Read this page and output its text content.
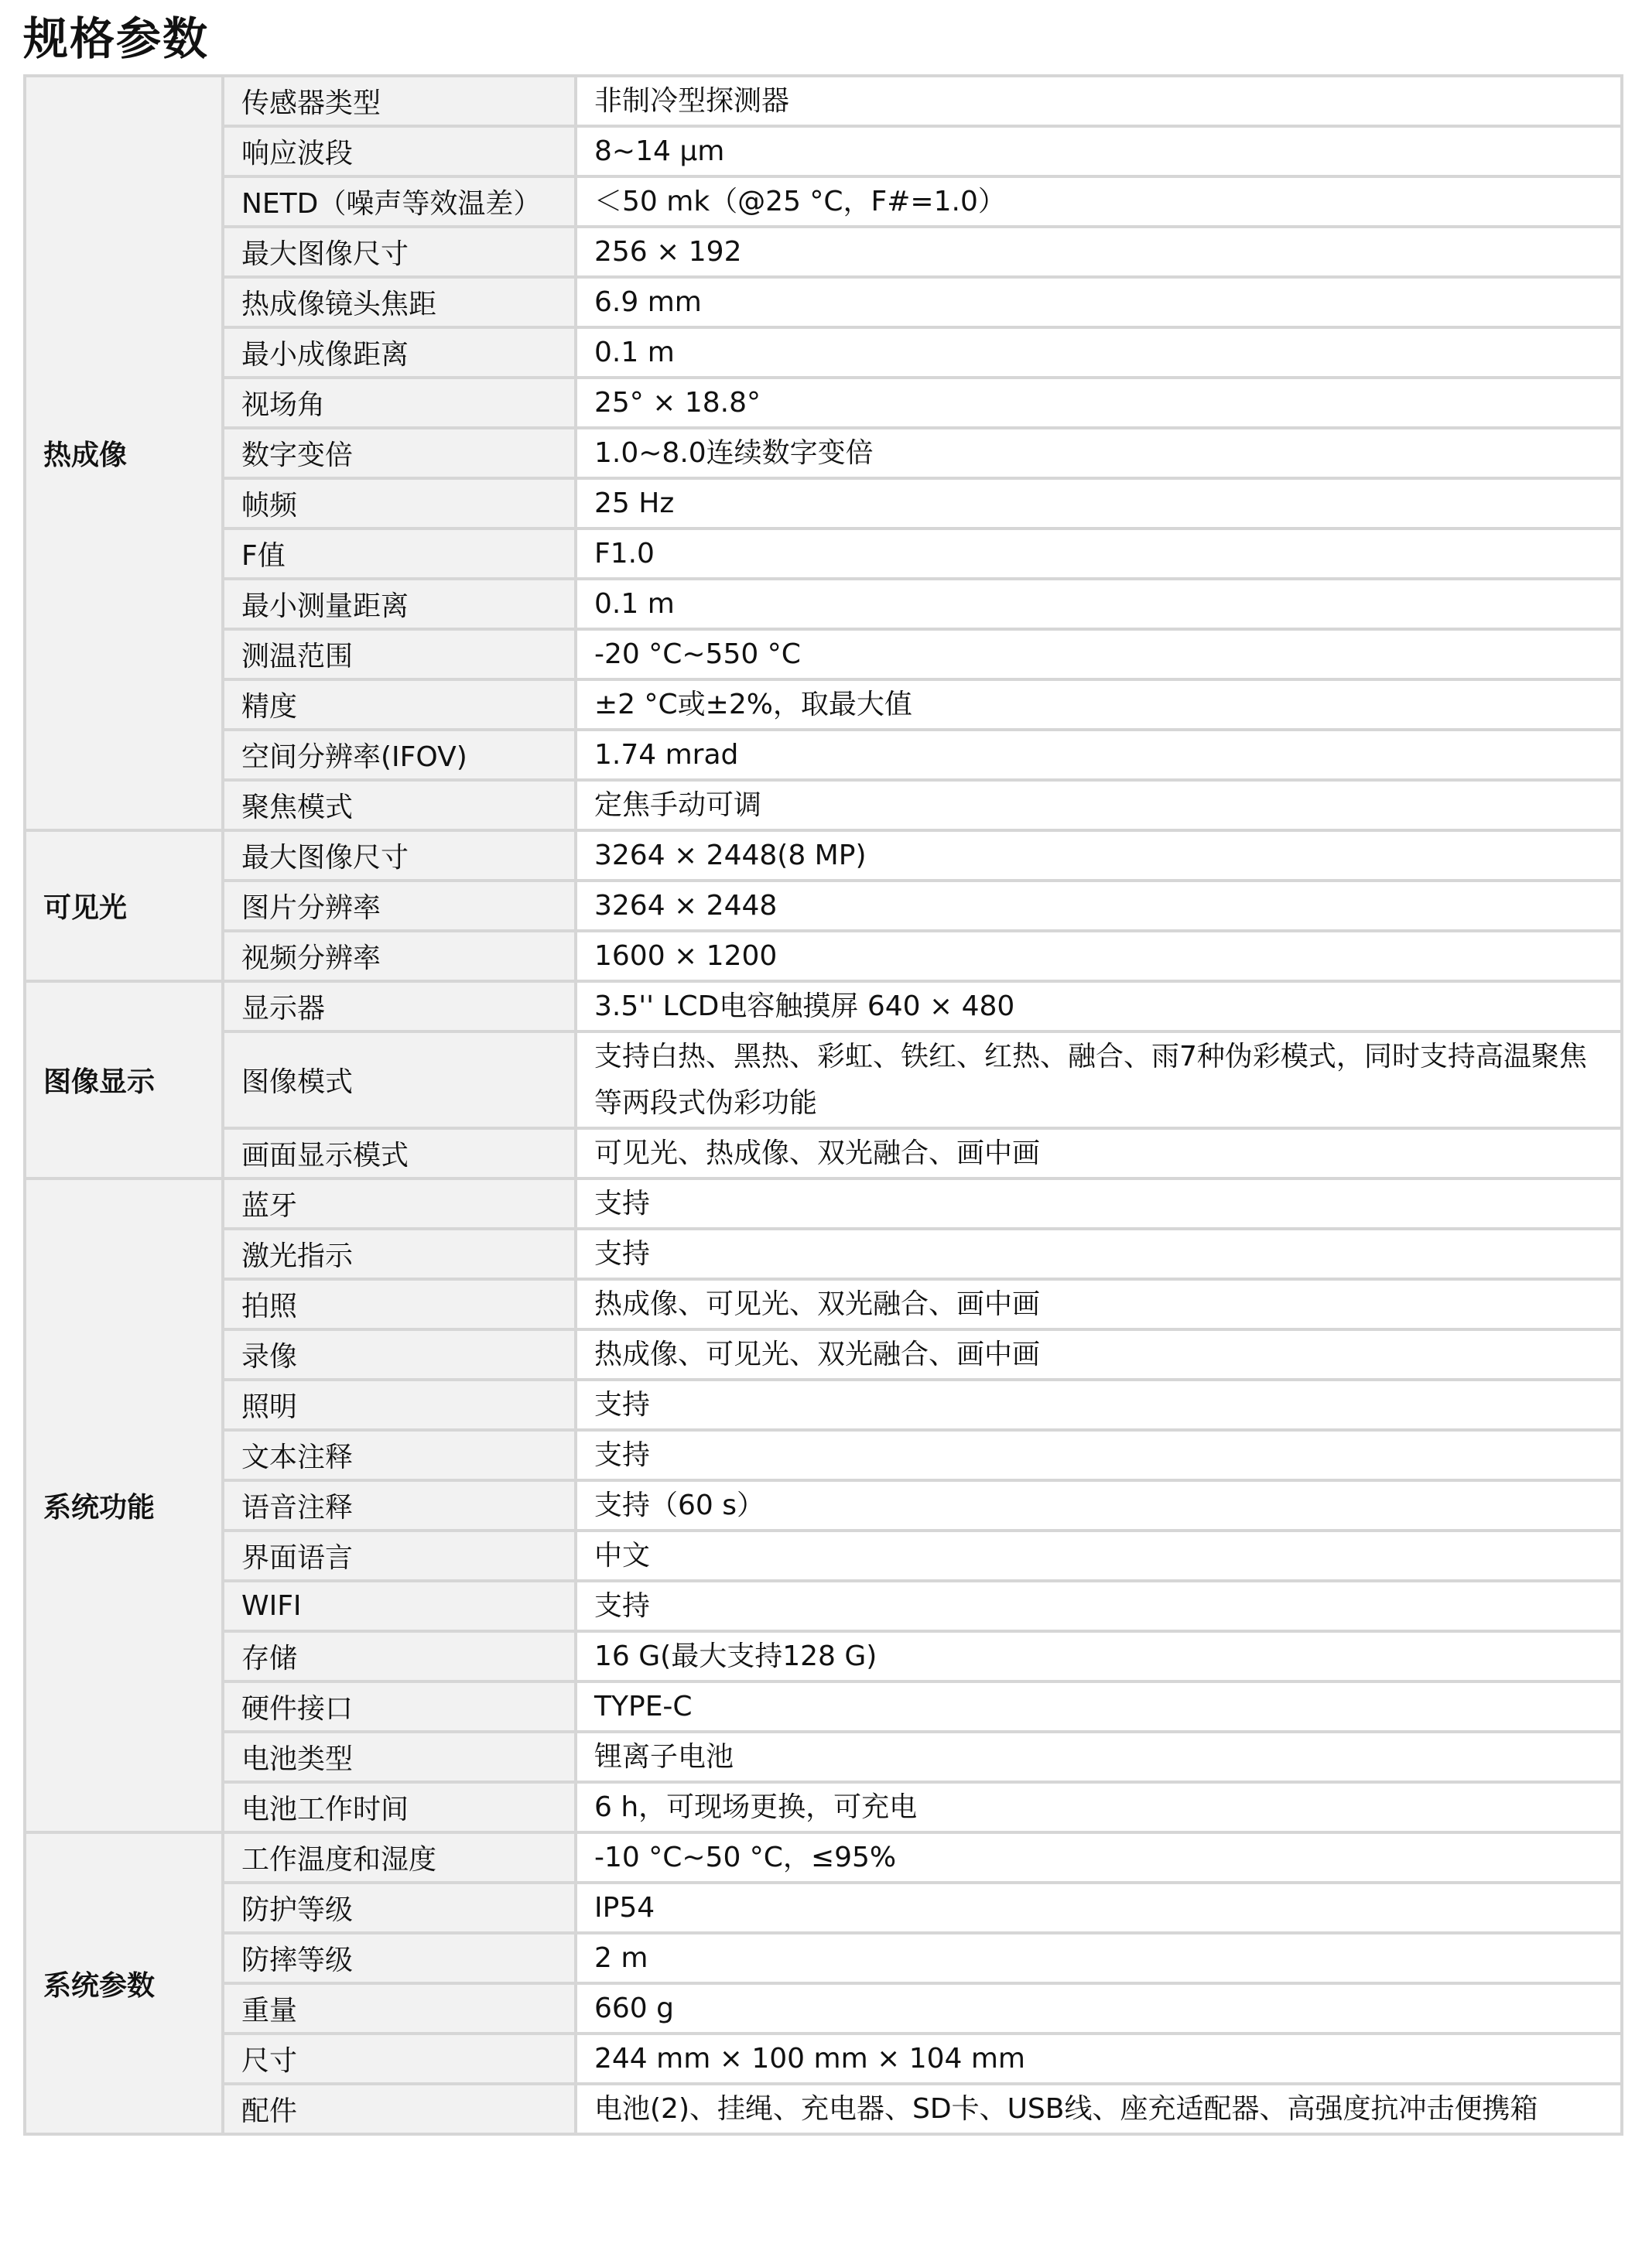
规格参数
热成像	传感器类型	非制冷型探测器
	响应波段	8~14 µm
	NETD（噪声等效温差）	＜50 mk（@25 °C，F#=1.0）
	最大图像尺寸	256 × 192
	热成像镜头焦距	6.9 mm
	最小成像距离	0.1 m
	视场角	25° × 18.8°
	数字变倍	1.0~8.0连续数字变倍
	帧频	25 Hz
	F值	F1.0
	最小测量距离	0.1 m
	测温范围	-20 °C~550 °C
	精度	±2 °C或±2%，取最大值
	空间分辨率(IFOV)	1.74 mrad
	聚焦模式	定焦手动可调
可见光	最大图像尺寸	3264 × 2448(8 MP)
	图片分辨率	3264 × 2448
	视频分辨率	1600 × 1200
图像显示	显示器	3.5'' LCD电容触摸屏 640 × 480
	图像模式	支持白热、黑热、彩虹、铁红、红热、融合、雨7种伪彩模式，同时支持高温聚焦等两段式伪彩功能
	画面显示模式	可见光、热成像、双光融合、画中画
系统功能	蓝牙	支持
	激光指示	支持
	拍照	热成像、可见光、双光融合、画中画
	录像	热成像、可见光、双光融合、画中画
	照明	支持
	文本注释	支持
	语音注释	支持（60 s）
	界面语言	中文
	WIFI	支持
	存储	16 G(最大支持128 G)
	硬件接口	TYPE-C
	电池类型	锂离子电池
	电池工作时间	6 h，可现场更换，可充电
系统参数	工作温度和湿度	-10 °C~50 °C，≤95%
	防护等级	IP54
	防摔等级	2 m
	重量	660 g
	尺寸	244 mm × 100 mm × 104 mm
	配件	电池(2)、挂绳、充电器、SD卡、USB线、座充适配器、高强度抗冲击便携箱
